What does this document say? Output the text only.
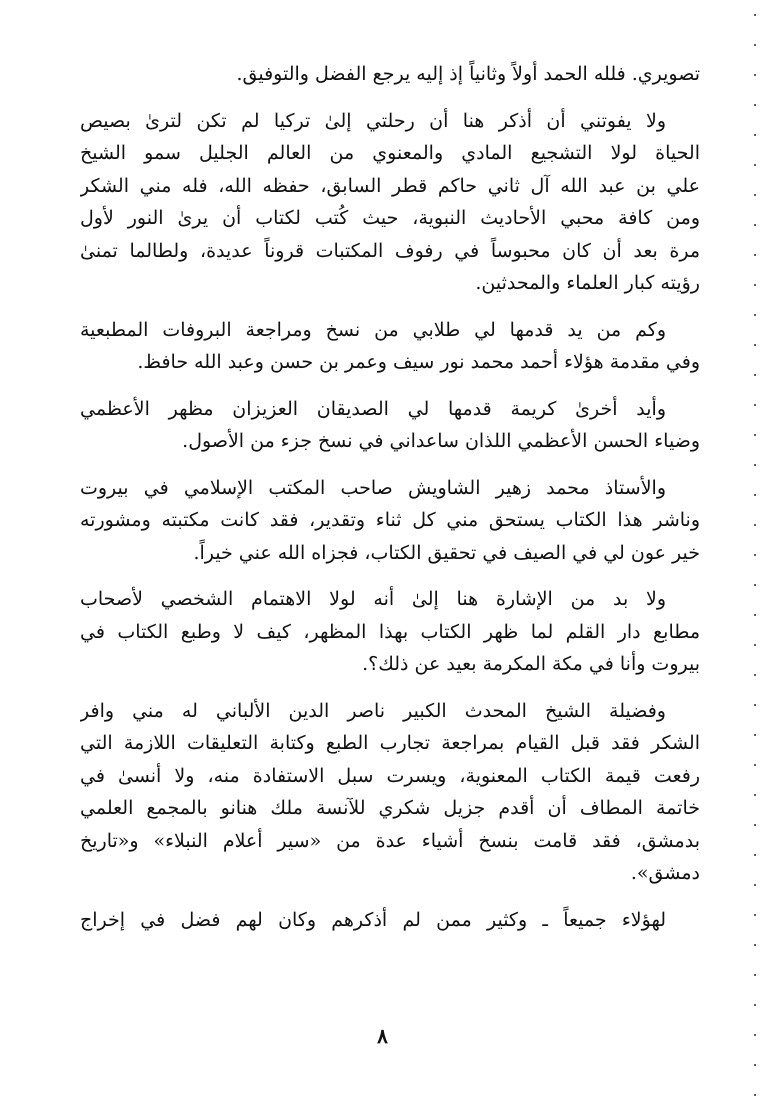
تصويري. فلله الحمد أولاً وثانياً إذ إليه يرجع الفضل والتوفيق.

ولا يفوتني أن أذكر هنا أن رحلتي إلىٰ تركيا لم تكن لترىٰ بصيص
الحياة لولا التشجيع المادي والمعنوي من العالم الجليل سمو الشيخ
علي بن عبد الله آل ثاني حاكم قطر السابق، حفظه الله، فله مني الشكر
ومن كافة محبي الأحاديث النبوية، حيث كُتب لكتاب أن يرىٰ النور لأول
مرة بعد أن كان محبوساً في رفوف المكتبات قروناً عديدة، ولطالما تمنىٰ
رؤيته كبار العلماء والمحدثين.

وكم من يد قدمها لي طلابي من نسخ ومراجعة البروفات المطبعية
وفي مقدمة هؤلاء أحمد محمد نور سيف وعمر بن حسن وعبد الله حافظ.

وأيد أخرىٰ كريمة قدمها لي الصديقان العزيزان مظهر الأعظمي
وضياء الحسن الأعظمي اللذان ساعداني في نسخ جزء من الأصول.

والأستاذ محمد زهير الشاويش صاحب المكتب الإسلامي في بيروت
وناشر هذا الكتاب يستحق مني كل ثناء وتقدير، فقد كانت مكتبته ومشورته
خير عون لي في الصيف في تحقيق الكتاب، فجزاه الله عني خيراً.

ولا بد من الإشارة هنا إلىٰ أنه لولا الاهتمام الشخصي لأصحاب
مطابع دار القلم لما ظهر الكتاب بهذا المظهر، كيف لا وطبع الكتاب في
بيروت وأنا في مكة المكرمة بعيد عن ذلك؟.

وفضيلة الشيخ المحدث الكبير ناصر الدين الألباني له مني وافر
الشكر فقد قبل القيام بمراجعة تجارب الطبع وكتابة التعليقات اللازمة التي
رفعت قيمة الكتاب المعنوية، ويسرت سبل الاستفادة منه، ولا أنسىٰ في
خاتمة المطاف أن أقدم جزيل شكري للآنسة ملك هنانو بالمجمع العلمي
بدمشق، فقد قامت بنسخ أشياء عدة من «سير أعلام النبلاء» و«تاريخ
دمشق».

لهؤلاء جميعاً ـ وكثير ممن لم أذكرهم وكان لهم فضل في إخراج

٨
